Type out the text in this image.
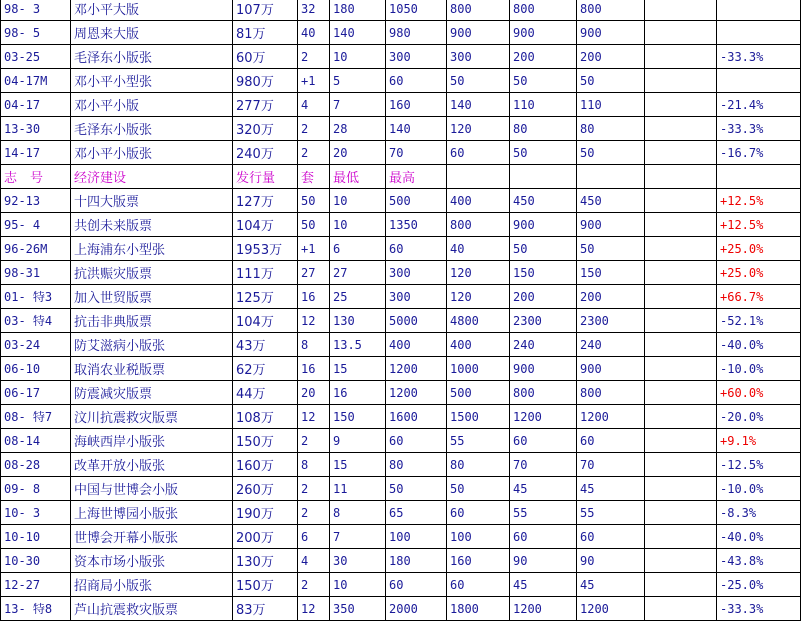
98- 3	邓小平大版	107万	32	180	1050	800	800	800		
98- 5	周恩来大版	81万	40	140	980	900	900	900		
03-25	毛泽东小版张	60万	2	10	300	300	200	200		-33.3%
04-17M	邓小平小型张	980万	+1	5	60	50	50	50		
04-17	邓小平小版	277万	4	7	160	140	110	110		-21.4%
13-30	毛泽东小版张	320万	2	28	140	120	80	80		-33.3%
14-17	邓小平小版张	240万	2	20	70	60	50	50		-16.7%
志　号	经济建设	发行量	套	最低	最高					
92-13	十四大版票	127万	50	10	500	400	450	450		+12.5%
95- 4	共创未来版票	104万	50	10	1350	800	900	900		+12.5%
96-26M	上海浦东小型张	1953万	+1	6	60	40	50	50		+25.0%
98-31	抗洪赈灾版票	111万	27	27	300	120	150	150		+25.0%
01- 特3	加入世贸版票	125万	16	25	300	120	200	200		+66.7%
03- 特4	抗击非典版票	104万	12	130	5000	4800	2300	2300		-52.1%
03-24	防艾滋病小版张	43万	8	13.5	400	400	240	240		-40.0%
06-10	取消农业税版票	62万	16	15	1200	1000	900	900		-10.0%
06-17	防震减灾版票	44万	20	16	1200	500	800	800		+60.0%
08- 特7	汶川抗震救灾版票	108万	12	150	1600	1500	1200	1200		-20.0%
08-14	海峡西岸小版张	150万	2	9	60	55	60	60		+9.1%
08-28	改革开放小版张	160万	8	15	80	80	70	70		-12.5%
09- 8	中国与世博会小版	260万	2	11	50	50	45	45		-10.0%
10- 3	上海世博园小版张	190万	2	8	65	60	55	55		-8.3%
10-10	世博会开幕小版张	200万	6	7	100	100	60	60		-40.0%
10-30	资本市场小版张	130万	4	30	180	160	90	90		-43.8%
12-27	招商局小版张	150万	2	10	60	60	45	45		-25.0%
13- 特8	芦山抗震救灾版票	83万	12	350	2000	1800	1200	1200		-33.3%
